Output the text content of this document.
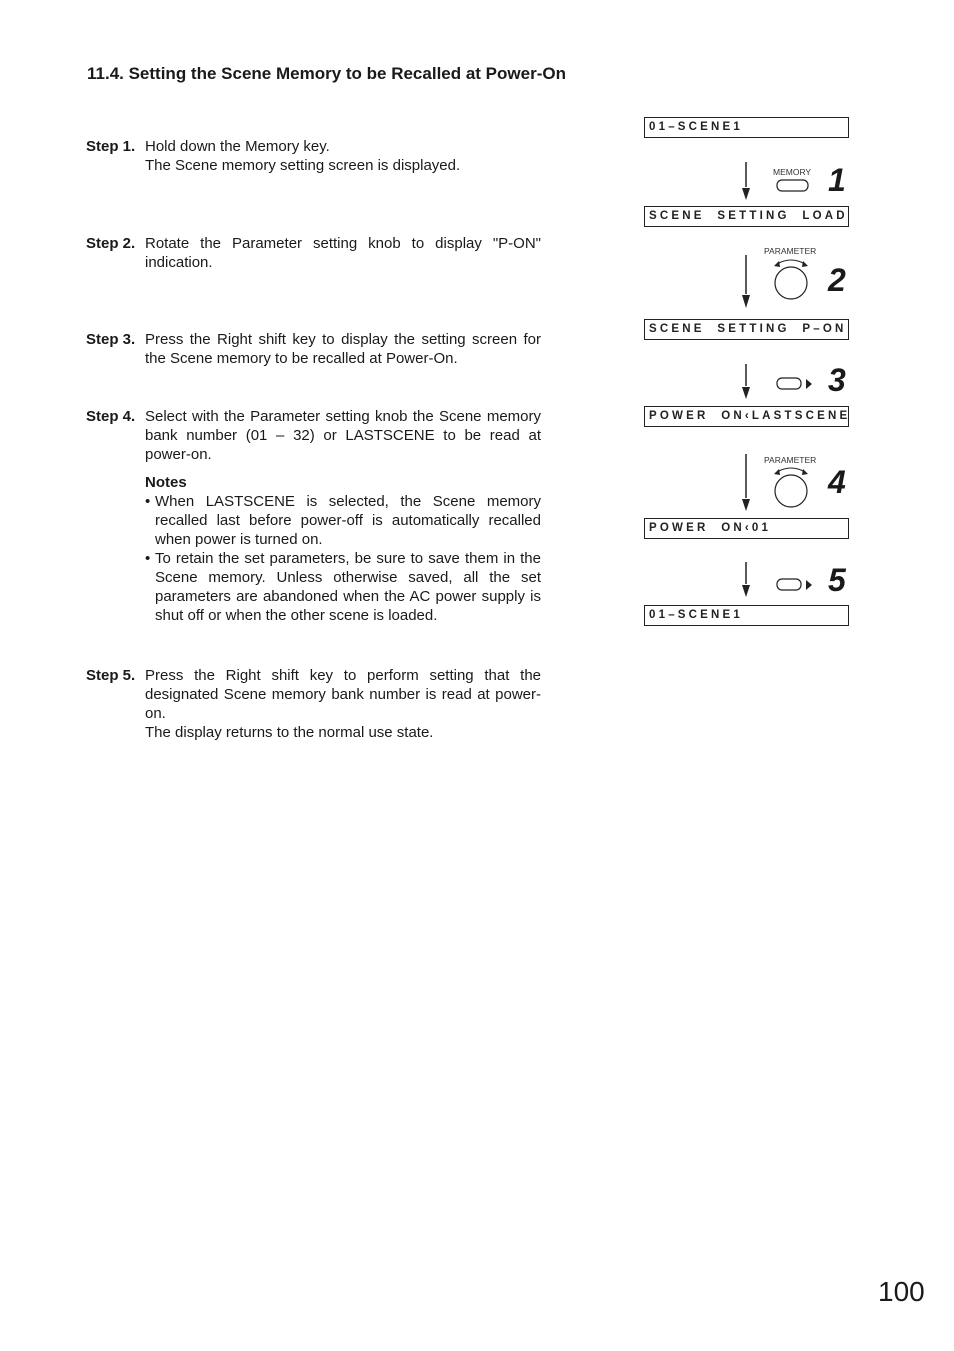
11.4. Setting the Scene Memory to be Recalled at Power-On
Step 1. Hold down the Memory key.

The Scene memory setting screen is displayed.

Step 2. Rotate the Parameter setting knob to display "P-ON" indication.

Step 3. Press the Right shift key to display the setting screen for the Scene memory to be recalled at Power-On.

Step 4. Select with the Parameter setting knob the Scene memory bank number (01 – 32) or LASTSCENE to be read at power-on.

Notes

• When LASTSCENE is selected, the Scene memory recalled last before power-off is automatically recalled when power is turned on.
• To retain the set parameters, be sure to save them in the Scene memory. Unless otherwise saved, all the set parameters are abandoned when the AC power supply is shut off or when the other scene is loaded.
Step 5. Press the Right shift key to perform setting that the designated Scene memory bank number is read at power-on.

The display returns to the normal use state.

01–SCENE1
SCENE  SETTING  LOAD
SCENE  SETTING  P–ON
POWER  ON‹LASTSCENE
POWER  ON‹01
01–SCENE1
MEMORY
PARAMETER
PARAMETER
1
2
3
4
5
100
